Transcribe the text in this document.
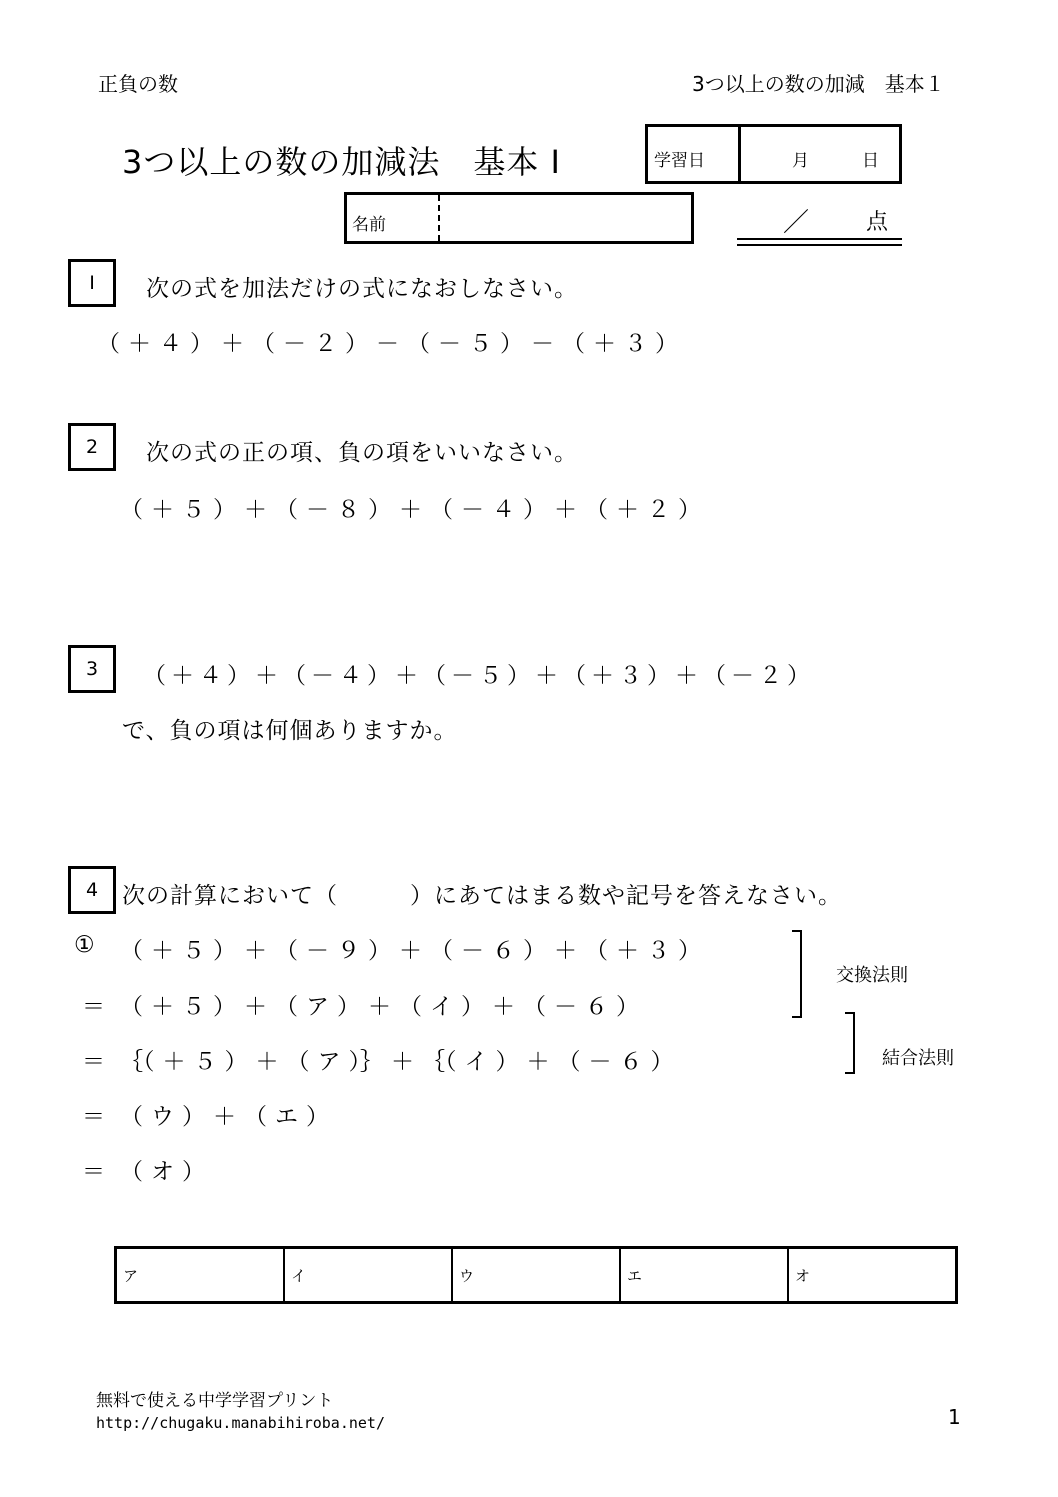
正負の数	3つ以上の数の加減　基本１
3つ以上の数の加減法　基本 I	学習日	月	日
名前	／	点
I 次の式を加法だけの式になおしなさい。
（ ＋ ４ ） ＋ （ － ２ ） － （ － ５ ） － （ ＋ ３ ）
2 次の式の正の項、負の項をいいなさい。
（ ＋ ５ ） ＋ （ － ８ ） ＋ （ － ４ ） ＋ （ ＋ ２ ）
3 （ ＋ ４ ） ＋ （ － ４ ） ＋ （ － ５ ） ＋ （ ＋ ３ ） ＋ （ － ２ ）
で、負の項は何個ありますか。
4 次の計算において（　　　）にあてはまる数や記号を答えなさい。
① （ ＋ ５ ） ＋ （ － ９ ） ＋ （ － ６ ） ＋ （ ＋ ３ ）
＝ （ ＋ ５ ） ＋ （ ア ） ＋ （ イ ） ＋ （ － ６ ）
＝ ｛（ ＋ ５ ） ＋ （ ア ）｝ ＋ ｛（ イ ） ＋ （ － ６ ）
＝ （ ウ ） ＋ （ エ ）
＝ （ オ ）
交換法則
結合法則
ア	イ	ウ	エ	オ
無料で使える中学学習プリント
http://chugaku.manabihiroba.net/	1
